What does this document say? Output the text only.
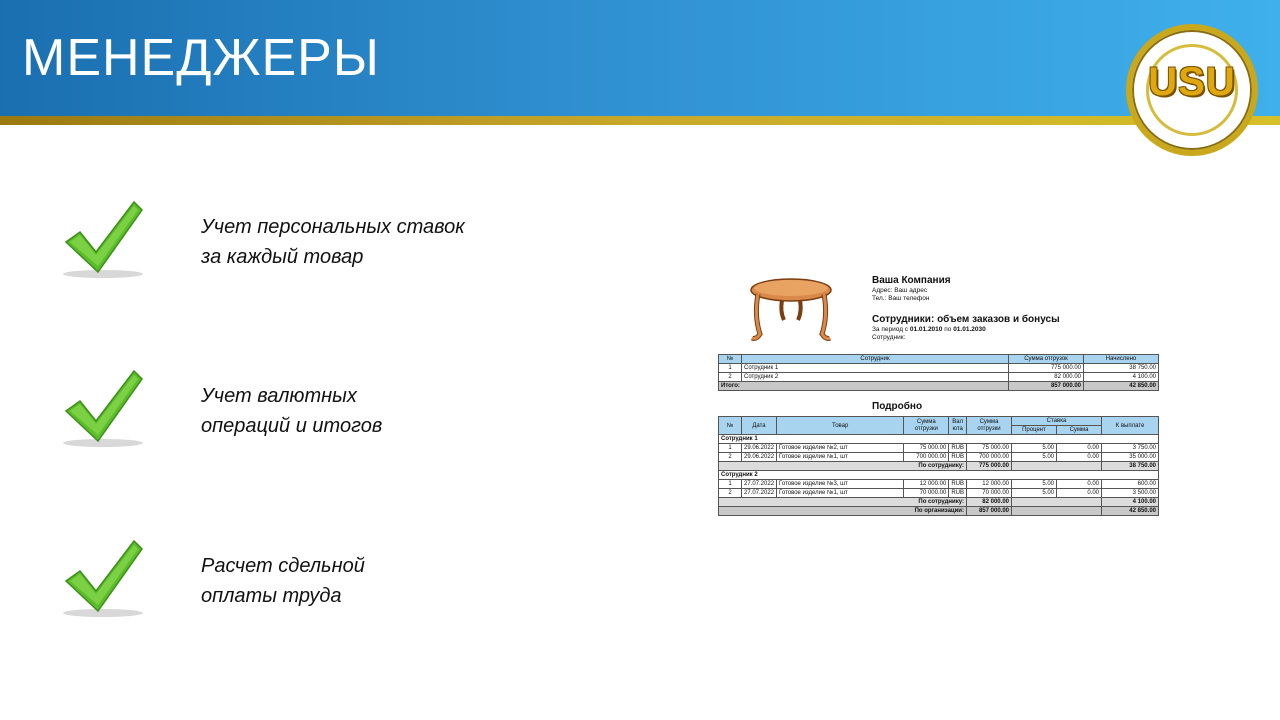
МЕНЕДЖЕРЫ	USU
Учет персональных ставок
за каждый товар
Учет валютных
операций и итогов
Расчет сдельной
оплаты труда
Ваша Компания
Адрес: Ваш адрес
Тел.: Ваш телефон
Сотрудники: объем заказов и бонусы
За период с 01.01.2010 по 01.01.2030
Сотрудник:
№	Сотрудник	Сумма отгрузок	Начислено
1	Сотрудник 1	775 000.00	38 750.00
2	Сотрудник 2	82 000.00	4 100.00
Итого:		857 000.00	42 850.00
Подробно
№	Дата	Товар	Сумма отгрузки	Вал юта	Сумма отгрузки	Ставка		К выплате
						Процент	Сумма	
Сотрудник 1								
1	29.06.2022	Готовое изделие №2, шт	75 000.00	RUB	75 000.00	5.00	0.00	3 750.00
2	29.06.2022	Готовое изделие №1, шт	700 000.00	RUB	700 000.00	5.00	0.00	35 000.00
По сотруднику:					775 000.00			38 750.00
Сотрудник 2								
1	27.07.2022	Готовое изделие №3, шт	12 000.00	RUB	12 000.00	5.00	0.00	600.00
2	27.07.2022	Готовое изделие №1, шт	70 000.00	RUB	70 000.00	5.00	0.00	3 500.00
По сотруднику:					82 000.00			4 100.00
По организации:					857 000.00			42 850.00
